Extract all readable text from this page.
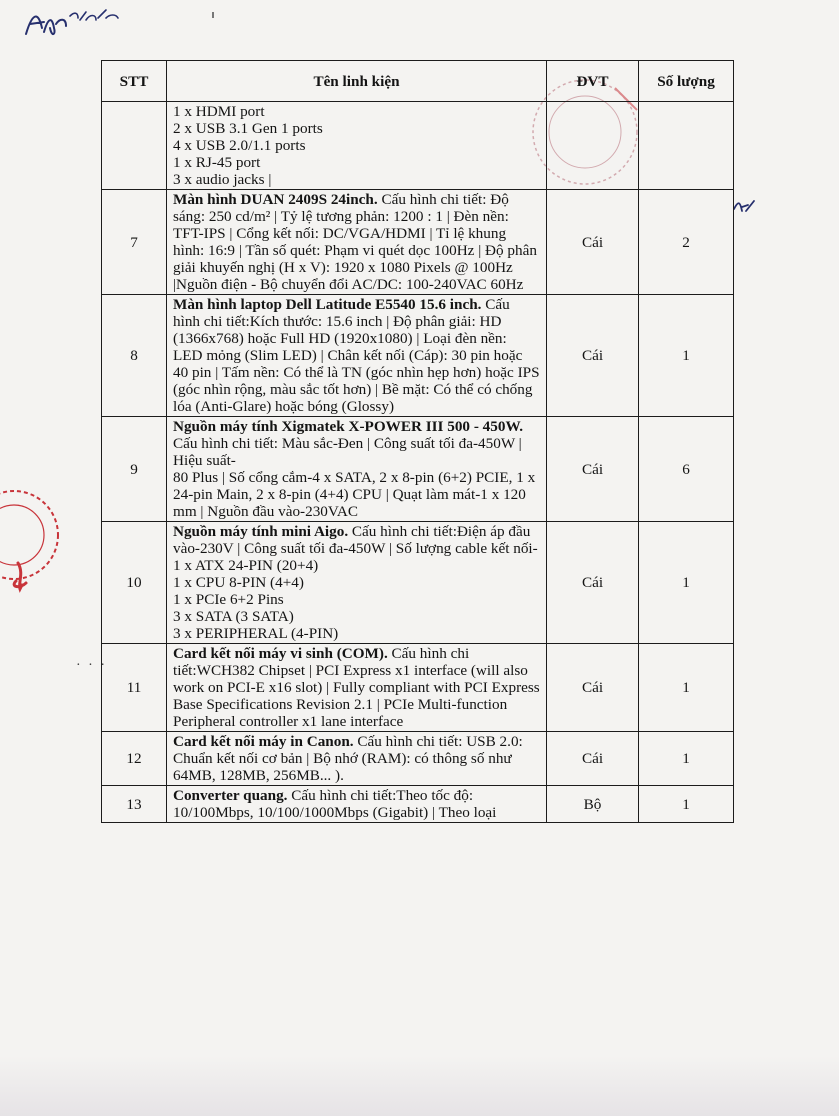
· · ·
STT	Tên linh kiện	ĐVT	Số lượng

	1 x HDMI port
2 x USB 3.1 Gen 1 ports
4 x USB 2.0/1.1 ports
1 x RJ-45 port
3 x audio jacks |		

7	Màn hình DUAN 2409S 24inch. Cấu hình chi tiết: Độ sáng: 250 cd/m² | Tỷ lệ tương phản: 1200 : 1 | Đèn nền: TFT-IPS | Cổng kết nối: DC/VGA/HDMI | Tỉ lệ khung hình: 16:9 | Tần số quét: Phạm vi quét dọc 100Hz | Độ phân giải khuyến nghị (H x V): 1920 x 1080 Pixels @ 100Hz |Nguồn điện - Bộ chuyển đổi AC/DC: 100-240VAC 60Hz	Cái	2
8	Màn hình laptop Dell Latitude E5540 15.6 inch. Cấu hình chi tiết:Kích thước: 15.6 inch | Độ phân giải: HD (1366x768) hoặc Full HD (1920x1080) | Loại đèn nền: LED mỏng (Slim LED) | Chân kết nối (Cáp): 30 pin hoặc 40 pin | Tấm nền: Có thể là TN (góc nhìn hẹp hơn) hoặc IPS (góc nhìn rộng, màu sắc tốt hơn) | Bề mặt: Có thể có chống lóa (Anti-Glare) hoặc bóng (Glossy)	Cái	1
9	Nguồn máy tính Xigmatek X-POWER III 500 - 450W. Cấu hình chi tiết: Màu sắc-Đen | Công suất tối đa-450W | Hiệu suất-
80 Plus | Số cổng cắm-4 x SATA, 2 x 8-pin (6+2) PCIE, 1 x 24-pin Main, 2 x 8-pin (4+4) CPU | Quạt làm mát-1 x 120 mm | Nguồn đầu vào-230VAC	Cái	6
10	Nguồn máy tính mini Aigo. Cấu hình chi tiết:Điện áp đầu vào-230V | Công suất tối đa-450W | Số lượng cable kết nối-1 x ATX 24-PIN (20+4)
1 x CPU 8-PIN (4+4)
1 x PCIe 6+2 Pins
3 x SATA (3 SATA)
3 x PERIPHERAL (4-PIN)	Cái	1
11	Card kết nối máy vi sinh (COM). Cấu hình chi tiết:WCH382 Chipset | PCI Express x1 interface (will also work on PCI-E x16 slot) | Fully compliant with PCI Express Base Specifications Revision 2.1 | PCIe Multi-function Peripheral controller x1 lane interface	Cái	1
12	Card kết nối máy in Canon. Cấu hình chi tiết: USB 2.0: Chuẩn kết nối cơ bản | Bộ nhớ (RAM): có thông số như 64MB, 128MB, 256MB... ).	Cái	1
13	Converter quang. Cấu hình chi tiết:Theo tốc độ: 10/100Mbps, 10/100/1000Mbps (Gigabit) | Theo loại	Bộ	1
